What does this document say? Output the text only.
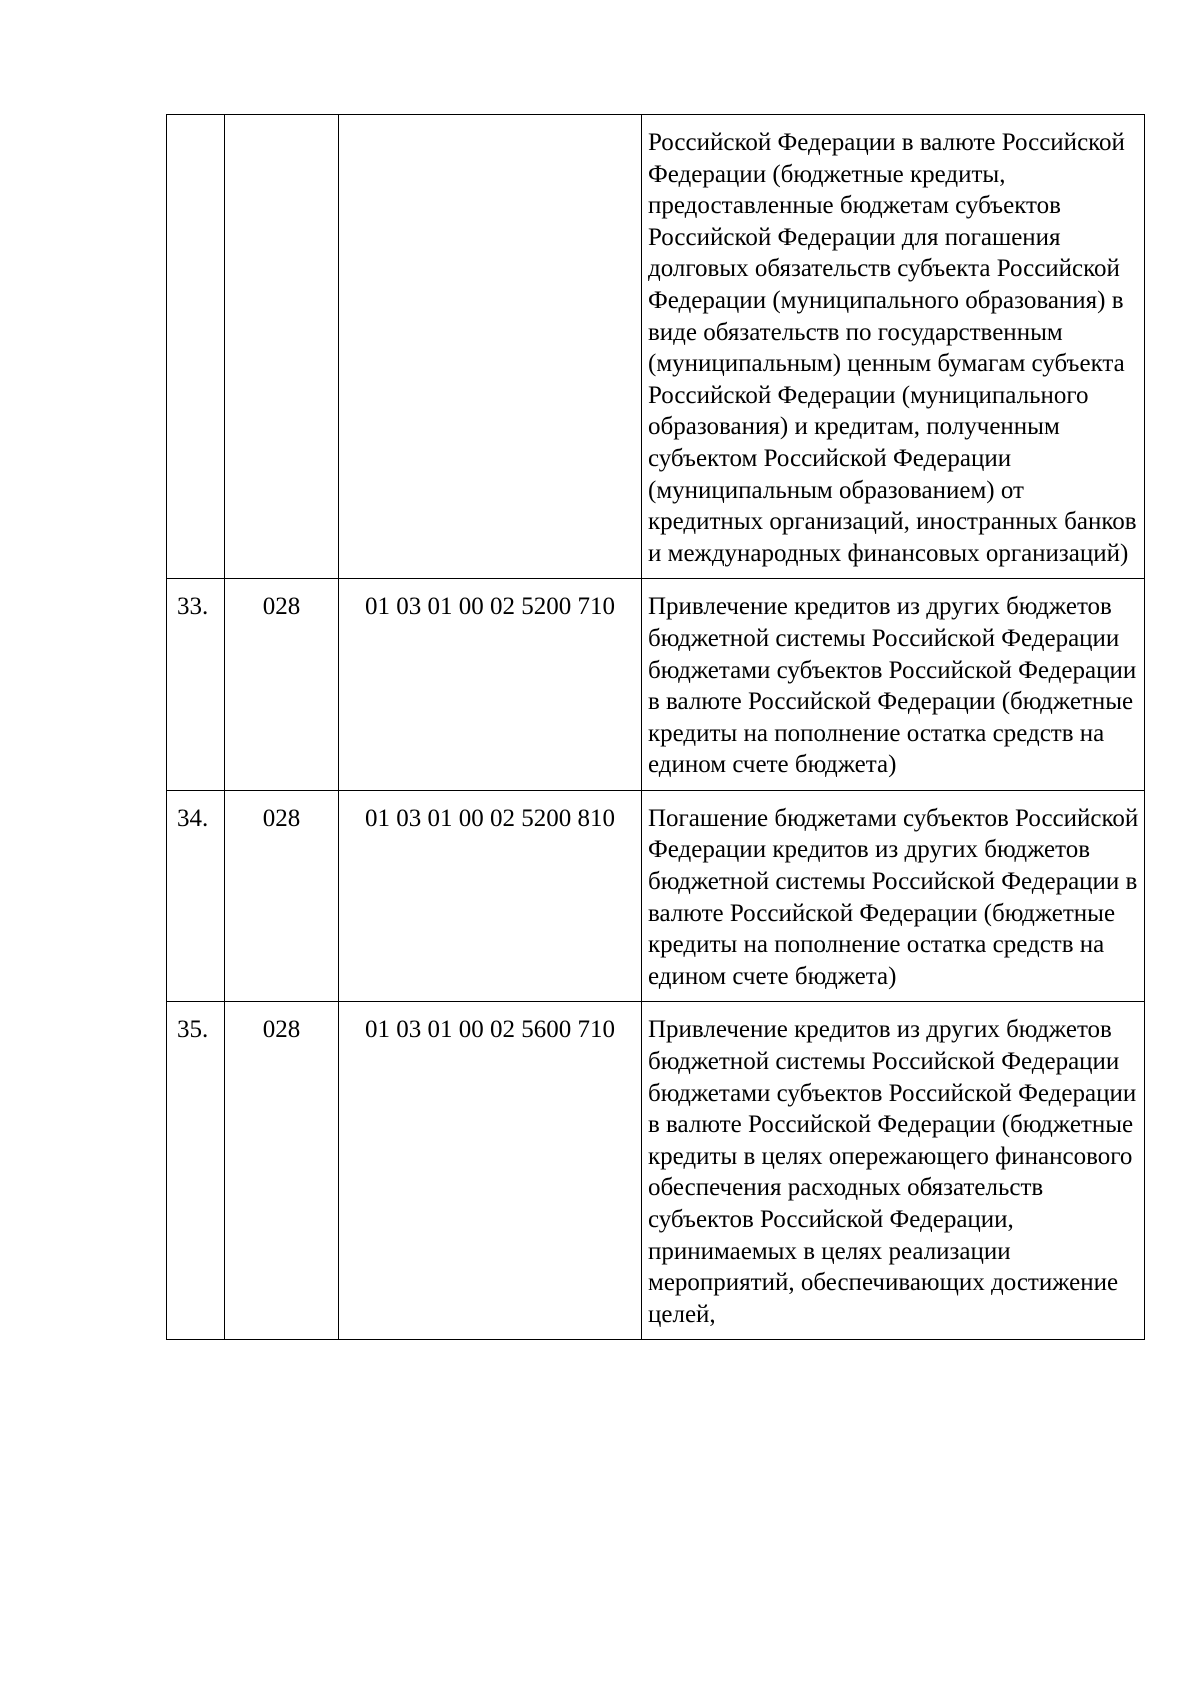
			Российской Федерации в валюте Российской Федерации (бюджетные кредиты, предоставленные бюджетам субъектов Российской Федерации для погашения долговых обязательств субъекта Российской Федерации (муниципального образования) в виде обязательств по государственным (муниципальным) ценным бумагам субъекта Российской Федерации (муниципального образования) и кредитам, полученным субъектом Российской Федерации (муниципальным образованием) от кредитных организаций, иностранных банков и международных финансовых организаций)

33.	028	01 03 01 00 02 5200 710	Привлечение кредитов из других бюджетов бюджетной системы Российской Федерации бюджетами субъектов Российской Федерации в валюте Российской Федерации (бюджетные кредиты на пополнение остатка средств на едином счете бюджета)

34.	028	01 03 01 00 02 5200 810	Погашение бюджетами субъектов Российской Федерации кредитов из других бюджетов бюджетной системы Российской Федерации в валюте Российской Федерации (бюджетные кредиты на пополнение остатка средств на едином счете бюджета)

35.	028	01 03 01 00 02 5600 710	Привлечение кредитов из других бюджетов бюджетной системы Российской Федерации бюджетами субъектов Российской Федерации в валюте Российской Федерации (бюджетные кредиты в целях опережающего финансового обеспечения расходных обязательств субъектов Российской Федерации, принимаемых в целях реализации мероприятий, обеспечивающих достижение целей,
